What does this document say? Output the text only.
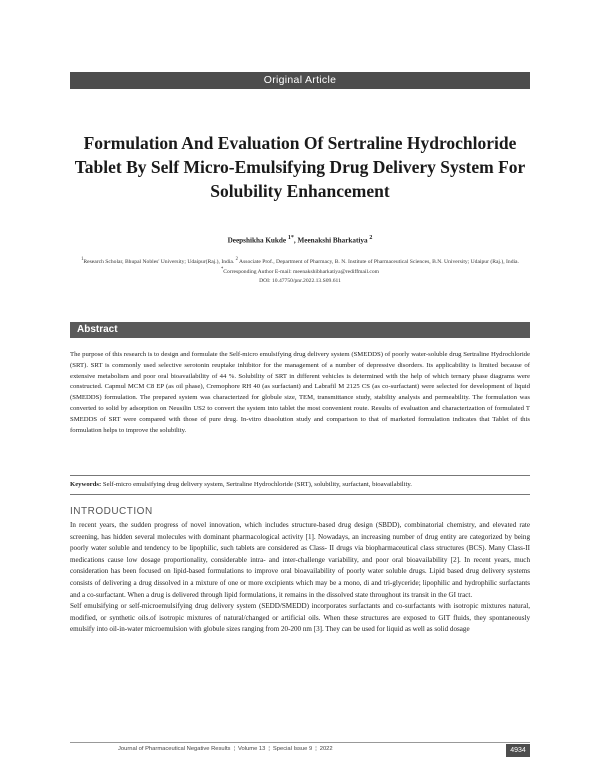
Original Article
Formulation And Evaluation Of Sertraline Hydrochloride Tablet By Self Micro-Emulsifying Drug Delivery System For Solubility Enhancement
Deepshikha Kukde $^{1*}$, Meenakshi Bharkatiya $^2$
$^1$Research Scholar, Bhupal Nobles' University; Udaipur(Raj.), India. $^2$ Associate Prof., Department of Pharmacy, B. N. Institute of Pharmaceutical Sciences, B.N. University; Udaipur (Raj.), India.
*Corresponding Author E-mail: meenakshibharkatiya@rediffmail.com
DOI: 10.47750/pnr.2022.13.S09.611
Abstract
The purpose of this research is to design and formulate the Self-micro emulsifying drug delivery system (SMEDDS) of poorly water-soluble drug Sertraline Hydrochloride (SRT). SRT is commonly used selective serotonin reuptake inhibitor for the management of a number of depressive disorders. Its applicability is limited because of extensive metabolism and poor oral bioavailability of 44 %. Solubility of SRT in different vehicles is determined with the help of which ternary phase diagrams were constructed. Capmul MCM C8 EP (as oil phase), Cremophore RH 40 (as surfactant) and Labrafil M 2125 CS (as co-surfactant) were selected for development of liquid (SMEDDS) formulation. The prepared system was characterized for globule size, TEM, transmittance study, stability analysis and permeability. The formulation was converted to solid by adsorption on Neusilin US2 to convert the system into tablet the most convenient route. Results of evaluation and characterization of formulated T SMEDDS of SRT were compared with those of pure drug. In-vitro dissolution study and comparison to that of marketed formulation indicates that Tablet of this formulation helps to improve the solubility.
Keywords: Self-micro emulsifying drug delivery system, Sertraline Hydrochloride (SRT), solubility, surfactant, bioavailability.
INTRODUCTION

In recent years, the sudden progress of novel innovation, which includes structure-based drug design (SBDD), combinatorial chemistry, and elevated rate screening, has hidden several molecules with dominant pharmacological activity [1]. Nowadays, an increasing number of drug entity are categorized by being poorly water soluble and tendency to be lipophilic, such tablets are considered as Class- II drugs via biopharmaceutical class structures (BCS). Many Class-II medications cause low dosage proportionality, considerable intra- and inter-challenge variability, and poor oral bioavailability [2]. In recent years, much consideration has been focused on lipid-based formulations to improve oral bioavailability of poorly water soluble drugs. Lipid based drug delivery systems consists of delivering a drug dissolved in a mixture of one or more excipients which may be a mono, di and tri-glyceride; lipophilic and hydrophilic surfactants and a co-surfactant. When a drug is delivered through lipid formulations, it remains in the dissolved state throughout its transit in the GI tract.

Self emulsifying or self-microemulsifying drug delivery system (SEDD/SMEDD) incorporates surfactants and co-surfactants with isotropic mixtures natural, modified, or synthetic oils.of isotropic mixtures of natural/changed or artificial oils. When these structures are exposed to GIT fluids, they spontaneously emulsify into oil-in-water microemulsion with globule sizes ranging from 20-200 nm [3]. They can be used for liquid as well as solid dosage

Journal of Pharmaceutical Negative Results ¦ Volume 13 ¦ Special Issue 9 ¦ 2022	4934
